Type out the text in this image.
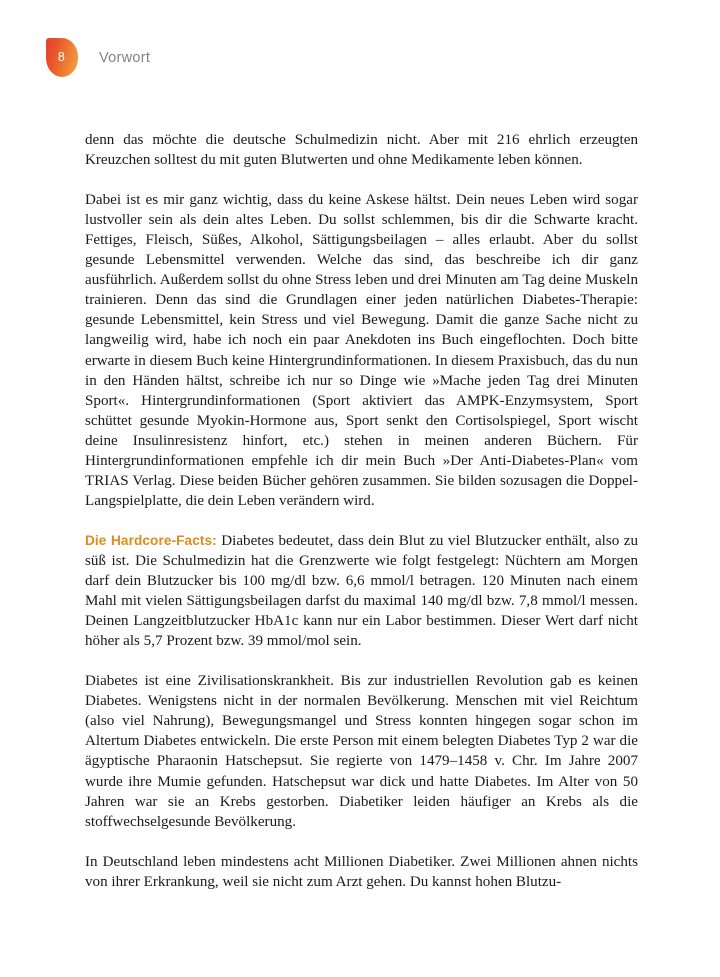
8 Vorwort

denn das möchte die deutsche Schulmedizin nicht. Aber mit 216 ehrlich erzeugten Kreuzchen solltest du mit guten Blutwerten und ohne Medikamente leben können.

Dabei ist es mir ganz wichtig, dass du keine Askese hältst. Dein neues Leben wird sogar lustvoller sein als dein altes Leben. Du sollst schlemmen, bis dir die Schwarte kracht. Fettiges, Fleisch, Süßes, Alkohol, Sättigungsbeilagen – alles erlaubt. Aber du sollst gesunde Lebensmittel verwenden. Welche das sind, das beschreibe ich dir ganz ausführlich. Außerdem sollst du ohne Stress leben und drei Minuten am Tag deine Muskeln trainieren. Denn das sind die Grundlagen einer jeden natürlichen Diabetes-Therapie: gesunde Lebensmittel, kein Stress und viel Bewegung. Damit die ganze Sache nicht zu langweilig wird, habe ich noch ein paar Anekdoten ins Buch eingeflochten. Doch bitte erwarte in diesem Buch keine Hintergrundinformationen. In diesem Praxisbuch, das du nun in den Händen hältst, schreibe ich nur so Dinge wie »Mache jeden Tag drei Minuten Sport«. Hintergrundinformationen (Sport aktiviert das AMPK-Enzymsystem, Sport schüttet gesunde Myokin-Hormone aus, Sport senkt den Cortisolspiegel, Sport wischt deine Insulinresistenz hinfort, etc.) stehen in meinen anderen Büchern. Für Hintergrundinformationen empfehle ich dir mein Buch »Der Anti-Diabetes-Plan« vom TRIAS Verlag. Diese beiden Bücher gehören zusammen. Sie bilden sozusagen die Doppel-Langspielplatte, die dein Leben verändern wird.

Die Hardcore-Facts: Diabetes bedeutet, dass dein Blut zu viel Blutzucker enthält, also zu süß ist. Die Schulmedizin hat die Grenzwerte wie folgt festgelegt: Nüchtern am Morgen darf dein Blutzucker bis 100 mg/dl bzw. 6,6 mmol/l betragen. 120 Minuten nach einem Mahl mit vielen Sättigungsbeilagen darfst du maximal 140 mg/dl bzw. 7,8 mmol/l messen. Deinen Langzeitblutzucker HbA1c kann nur ein Labor bestimmen. Dieser Wert darf nicht höher als 5,7 Prozent bzw. 39 mmol/mol sein.

Diabetes ist eine Zivilisationskrankheit. Bis zur industriellen Revolution gab es keinen Diabetes. Wenigstens nicht in der normalen Bevölkerung. Menschen mit viel Reichtum (also viel Nahrung), Bewegungsmangel und Stress konnten hingegen sogar schon im Altertum Diabetes entwickeln. Die erste Person mit einem belegten Diabetes Typ 2 war die ägyptische Pharaonin Hatschepsut. Sie regierte von 1479–1458 v. Chr. Im Jahre 2007 wurde ihre Mumie gefunden. Hatschepsut war dick und hatte Diabetes. Im Alter von 50 Jahren war sie an Krebs gestorben. Diabetiker leiden häufiger an Krebs als die stoffwechselgesunde Bevölkerung.

In Deutschland leben mindestens acht Millionen Diabetiker. Zwei Millionen ahnen nichts von ihrer Erkrankung, weil sie nicht zum Arzt gehen. Du kannst hohen Blutzu-
